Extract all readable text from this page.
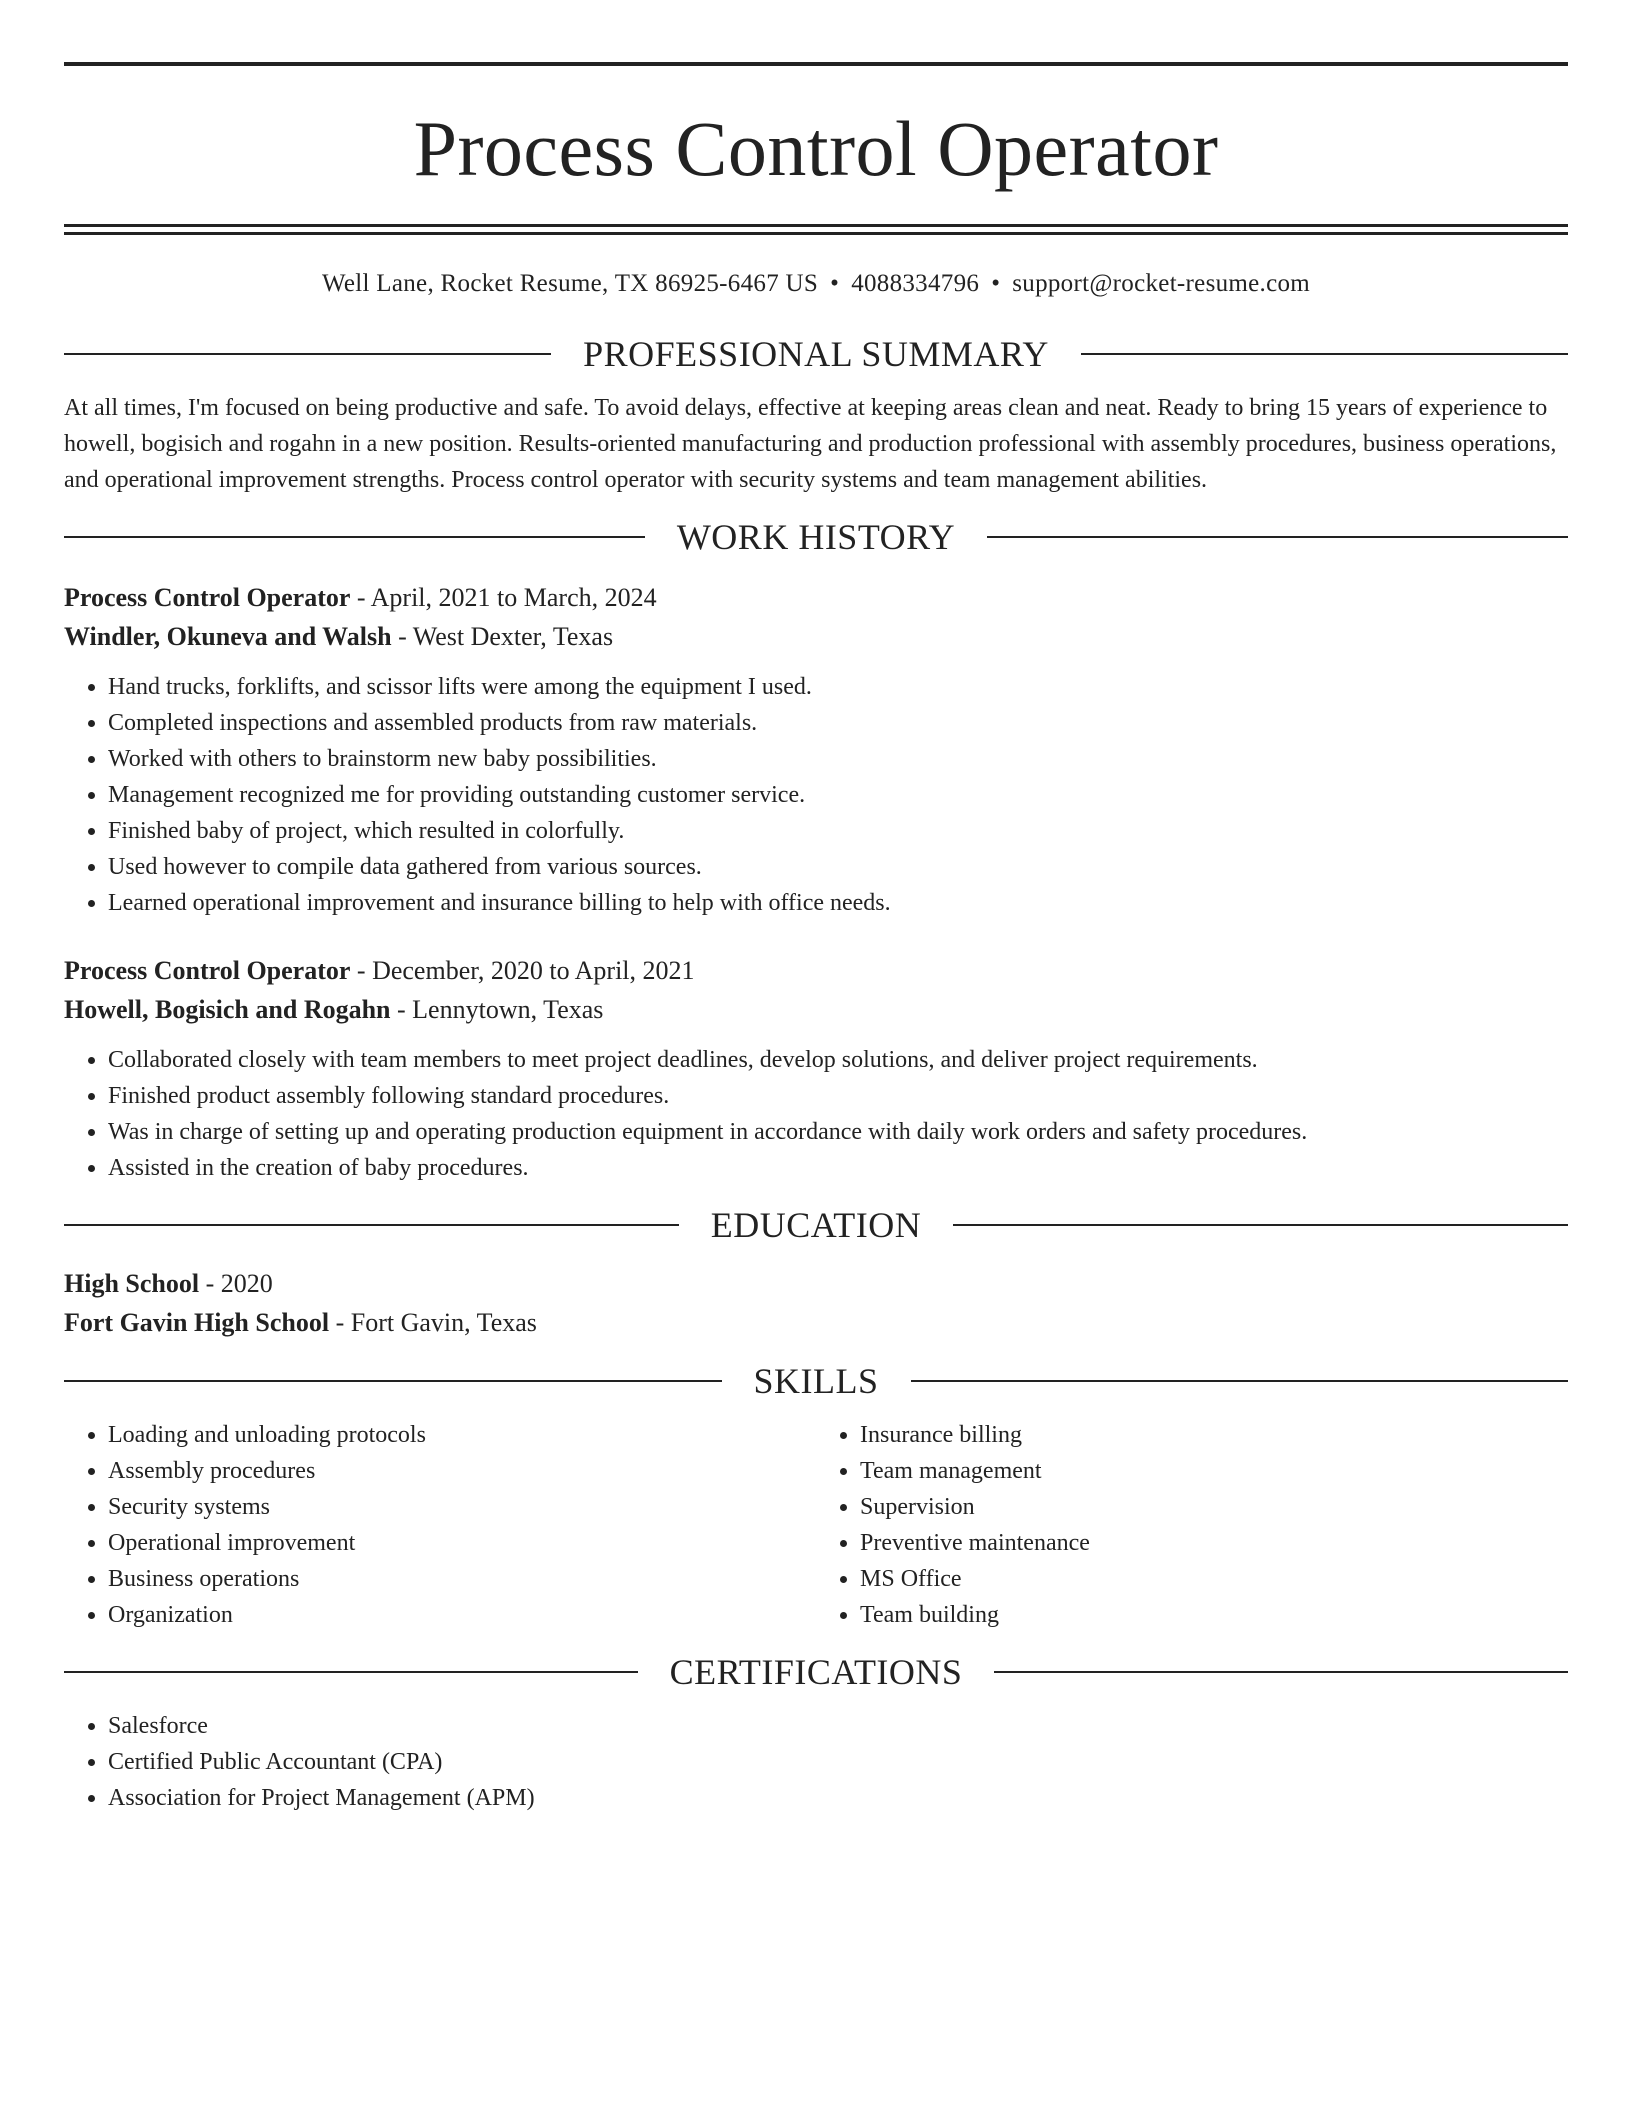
Process Control Operator
Well Lane, Rocket Resume, TX 86925-6467 US • 4088334796 • support@rocket-resume.com
PROFESSIONAL SUMMARY

At all times, I'm focused on being productive and safe. To avoid delays, effective at keeping areas clean and neat. Ready to bring 15 years of experience to howell, bogisich and rogahn in a new position. Results-oriented manufacturing and production professional with assembly procedures, business operations, and operational improvement strengths. Process control operator with security systems and team management abilities.

WORK HISTORY
Process Control Operator - April, 2021 to March, 2024
Windler, Okuneva and Walsh - West Dexter, Texas
• Hand trucks, forklifts, and scissor lifts were among the equipment I used.
• Completed inspections and assembled products from raw materials.
• Worked with others to brainstorm new baby possibilities.
• Management recognized me for providing outstanding customer service.
• Finished baby of project, which resulted in colorfully.
• Used however to compile data gathered from various sources.
• Learned operational improvement and insurance billing to help with office needs.
Process Control Operator - December, 2020 to April, 2021
Howell, Bogisich and Rogahn - Lennytown, Texas
• Collaborated closely with team members to meet project deadlines, develop solutions, and deliver project requirements.
• Finished product assembly following standard procedures.
• Was in charge of setting up and operating production equipment in accordance with daily work orders and safety procedures.
• Assisted in the creation of baby procedures.
EDUCATION
High School - 2020
Fort Gavin High School - Fort Gavin, Texas
SKILLS
• Loading and unloading protocols
• Assembly procedures
• Security systems
• Operational improvement
• Business operations
• Organization
• Insurance billing
• Team management
• Supervision
• Preventive maintenance
• MS Office
• Team building
CERTIFICATIONS
• Salesforce
• Certified Public Accountant (CPA)
• Association for Project Management (APM)
